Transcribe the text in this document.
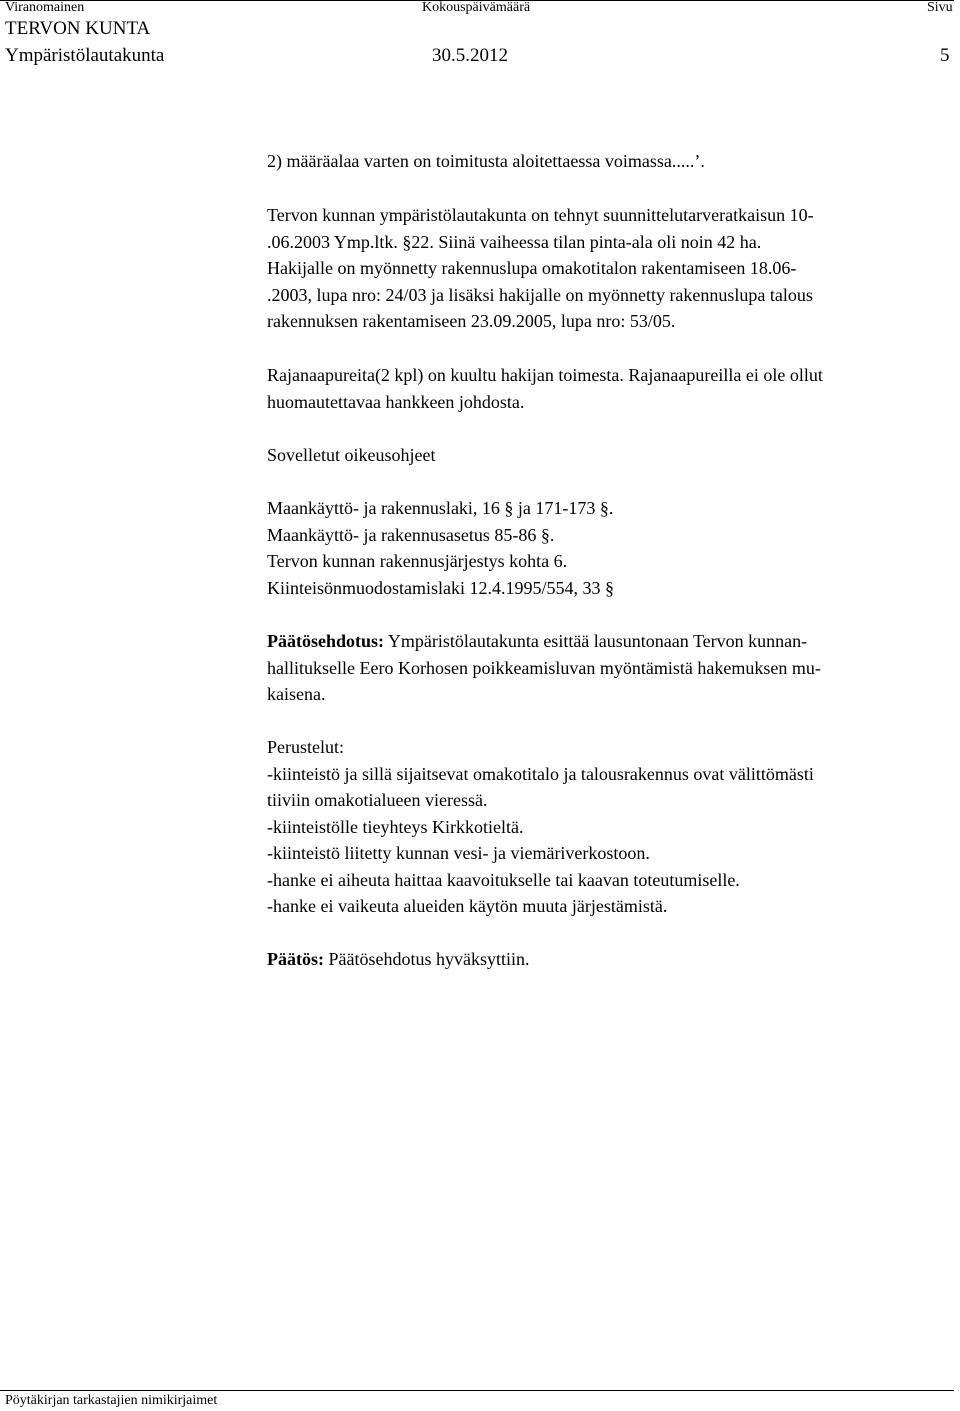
Viranomainen	Kokouspäivämäärä	Sivu
TERVON KUNTA
Ympäristölautakunta	30.5.2012	5
2) määräalaa varten on toimitusta aloitettaessa voimassa.....’.
Tervon kunnan ympäristölautakunta on tehnyt suunnittelutarveratkaisun 10-
.06.2003 Ymp.ltk. §22. Siinä vaiheessa tilan pinta-ala oli noin 42 ha.
Hakijalle on myönnetty rakennuslupa omakotitalon rakentamiseen 18.06-
.2003, lupa nro: 24/03 ja lisäksi hakijalle on myönnetty rakennuslupa talous
rakennuksen rakentamiseen 23.09.2005, lupa nro: 53/05.
Rajanaapureita(2 kpl) on kuultu hakijan toimesta. Rajanaapureilla ei ole ollut
huomautettavaa hankkeen johdosta.
Sovelletut oikeusohjeet
Maankäyttö- ja rakennuslaki, 16 § ja 171-173 §.
Maankäyttö- ja rakennusasetus 85-86 §.
Tervon kunnan rakennusjärjestys kohta 6.
Kiinteisönmuodostamislaki 12.4.1995/554, 33 §
Päätösehdotus: Ympäristölautakunta esittää lausuntonaan Tervon kunnan-
hallitukselle Eero Korhosen poikkeamisluvan myöntämistä hakemuksen mu-
kaisena.
Perustelut:
-kiinteistö ja sillä sijaitsevat omakotitalo ja talousrakennus ovat välittömästi
tiiviin omakotialueen vieressä.
-kiinteistölle tieyhteys Kirkkotieltä.
-kiinteistö liitetty kunnan vesi- ja viemäriverkostoon.
-hanke ei aiheuta haittaa kaavoitukselle tai kaavan toteutumiselle.
-hanke ei vaikeuta alueiden käytön muuta järjestämistä.
Päätös: Päätösehdotus hyväksyttiin.
Pöytäkirjan tarkastajien nimikirjaimet
